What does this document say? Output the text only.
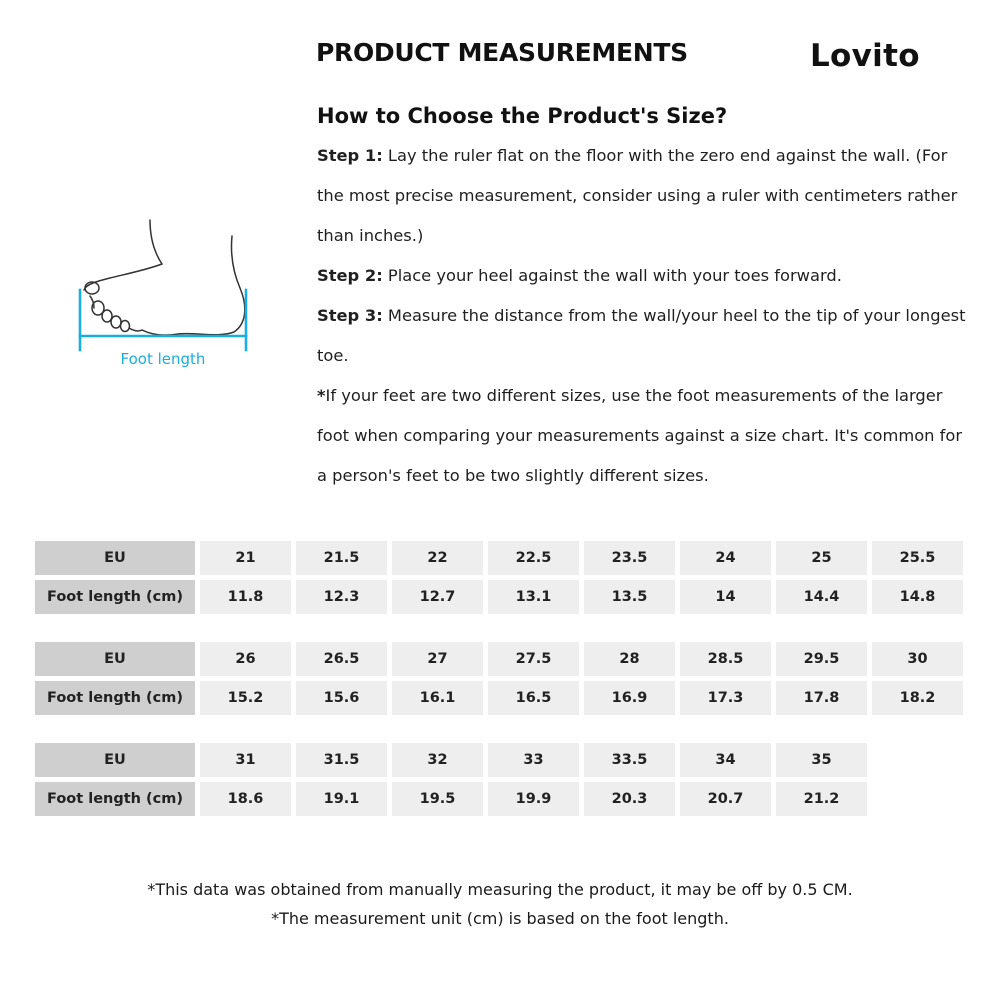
PRODUCT MEASUREMENTS	Lovito
Foot length
How to Choose the Product's Size?

Step 1: Lay the ruler flat on the floor with the zero end against the wall. (For the most precise measurement, consider using a ruler with centimeters rather than inches.)

Step 2: Place your heel against the wall with your toes forward.

Step 3: Measure the distance from the wall/your heel to the tip of your longest toe.

*If your feet are two different sizes, use the foot measurements of the larger foot when comparing your measurements against a size chart. It's common for a person's feet to be two slightly different sizes.

EU	21	21.5	22	22.5	23.5	24	25	25.5
Foot length (cm)	11.8	12.3	12.7	13.1	13.5	14	14.4	14.8
EU	26	26.5	27	27.5	28	28.5	29.5	30
Foot length (cm)	15.2	15.6	16.1	16.5	16.9	17.3	17.8	18.2
EU	31	31.5	32	33	33.5	34	35	
Foot length (cm)	18.6	19.1	19.5	19.9	20.3	20.7	21.2	
*This data was obtained from manually measuring the product, it may be off by 0.5 CM.
*The measurement unit (cm) is based on the foot length.
